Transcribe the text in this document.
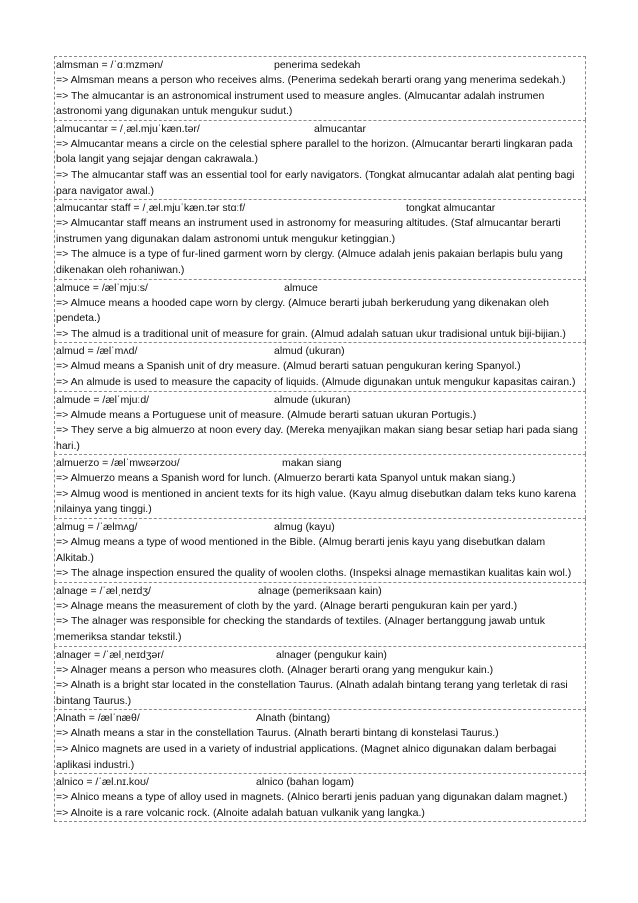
almsman = /ˈɑːmzmən/	penerima sedekah

=> Almsman means a person who receives alms. (Penerima sedekah berarti orang yang menerima sedekah.)

=> The almucantar is an astronomical instrument used to measure angles. (Almucantar adalah instrumen astronomi yang digunakan untuk mengukur sudut.)

almucantar = /ˌæl.mjuˈkæn.tər/	almucantar

=> Almucantar means a circle on the celestial sphere parallel to the horizon. (Almucantar berarti lingkaran pada bola langit yang sejajar dengan cakrawala.)

=> The almucantar staff was an essential tool for early navigators. (Tongkat almucantar adalah alat penting bagi para navigator awal.)

almucantar staff = /ˌæl.mjuˈkæn.tər stɑːf/	tongkat almucantar

=> Almucantar staff means an instrument used in astronomy for measuring altitudes. (Staf almucantar berarti instrumen yang digunakan dalam astronomi untuk mengukur ketinggian.)

=> The almuce is a type of fur-lined garment worn by clergy. (Almuce adalah jenis pakaian berlapis bulu yang dikenakan oleh rohaniwan.)

almuce = /ælˈmjuːs/	almuce

=> Almuce means a hooded cape worn by clergy. (Almuce berarti jubah berkerudung yang dikenakan oleh pendeta.)

=> The almud is a traditional unit of measure for grain. (Almud adalah satuan ukur tradisional untuk biji-bijian.)

almud = /ælˈmʌd/	almud (ukuran)

=> Almud means a Spanish unit of dry measure. (Almud berarti satuan pengukuran kering Spanyol.)

=> An almude is used to measure the capacity of liquids. (Almude digunakan untuk mengukur kapasitas cairan.)

almude = /ælˈmjuːd/	almude (ukuran)

=> Almude means a Portuguese unit of measure. (Almude berarti satuan ukuran Portugis.)

=> They serve a big almuerzo at noon every day. (Mereka menyajikan makan siang besar setiap hari pada siang hari.)

almuerzo = /ælˈmwɛərzoʊ/	makan siang

=> Almuerzo means a Spanish word for lunch. (Almuerzo berarti kata Spanyol untuk makan siang.)

=> Almug wood is mentioned in ancient texts for its high value. (Kayu almug disebutkan dalam teks kuno karena nilainya yang tinggi.)

almug = /ˈælmʌɡ/	almug (kayu)

=> Almug means a type of wood mentioned in the Bible. (Almug berarti jenis kayu yang disebutkan dalam Alkitab.)

=> The alnage inspection ensured the quality of woolen cloths. (Inspeksi alnage memastikan kualitas kain wol.)

alnage = /ˈælˌneɪdʒ/	alnage (pemeriksaan kain)

=> Alnage means the measurement of cloth by the yard. (Alnage berarti pengukuran kain per yard.)

=> The alnager was responsible for checking the standards of textiles. (Alnager bertanggung jawab untuk memeriksa standar tekstil.)

alnager = /ˈælˌneɪdʒər/	alnager (pengukur kain)

=> Alnager means a person who measures cloth. (Alnager berarti orang yang mengukur kain.)

=> Alnath is a bright star located in the constellation Taurus. (Alnath adalah bintang terang yang terletak di rasi bintang Taurus.)

Alnath = /ælˈnæθ/	Alnath (bintang)

=> Alnath means a star in the constellation Taurus. (Alnath berarti bintang di konstelasi Taurus.)

=> Alnico magnets are used in a variety of industrial applications. (Magnet alnico digunakan dalam berbagai aplikasi industri.)

alnico = /ˈæl.nɪ.koʊ/	alnico (bahan logam)

=> Alnico means a type of alloy used in magnets. (Alnico berarti jenis paduan yang digunakan dalam magnet.)

=> Alnoite is a rare volcanic rock. (Alnoite adalah batuan vulkanik yang langka.)
